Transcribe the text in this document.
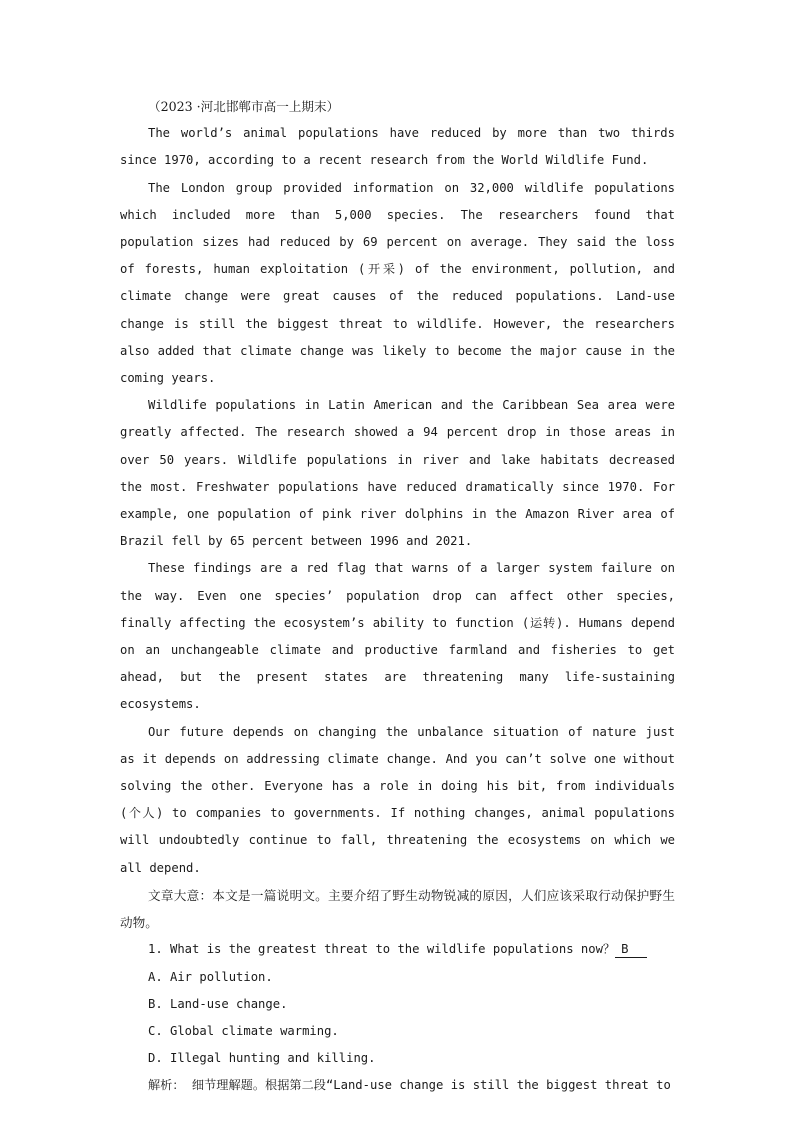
（2023 ·河北邯郸市高一上期末）

The world’s animal populations have reduced by more than two thirds since 1970, according to a recent research from the World Wildlife Fund.

The London group provided information on 32,000 wildlife populations which included more than 5,000 species. The researchers found that population sizes had reduced by 69 percent on average. They said the loss of forests, human exploitation (开采) of the environment, pollution, and climate change were great causes of the reduced populations. Land-use change is still the biggest threat to wildlife. However, the researchers also added that climate change was likely to become the major cause in the coming years.

Wildlife populations in Latin American and the Caribbean Sea area were greatly affected. The research showed a 94 percent drop in those areas in over 50 years. Wildlife populations in river and lake habitats decreased the most. Freshwater populations have reduced dramatically since 1970. For example, one population of pink river dolphins in the Amazon River area of Brazil fell by 65 percent between 1996 and 2021.

These findings are a red flag that warns of a larger system failure on the way. Even one species’ population drop can affect other species, finally affecting the ecosystem’s ability to function (运转). Humans depend on an unchangeable climate and productive farmland and fisheries to get ahead, but the present states are threatening many life-sustaining ecosystems.

Our future depends on changing the unbalance situation of nature just as it depends on addressing climate change. And you can’t solve one without solving the other. Everyone has a role in doing his bit, from individuals (个人) to companies to governments. If nothing changes, animal populations will undoubtedly continue to fall, threatening the ecosystems on which we all depend.

文章大意：本文是一篇说明文。主要介绍了野生动物锐减的原因，人们应该采取行动保护野生动物。

1. What is the greatest threat to the wildlife populations now？ B

A. Air pollution.

B. Land-use change.

C. Global climate warming.

D. Illegal hunting and killing.

解析： 细节理解题。根据第二段“Land-use change is still the biggest threat to
